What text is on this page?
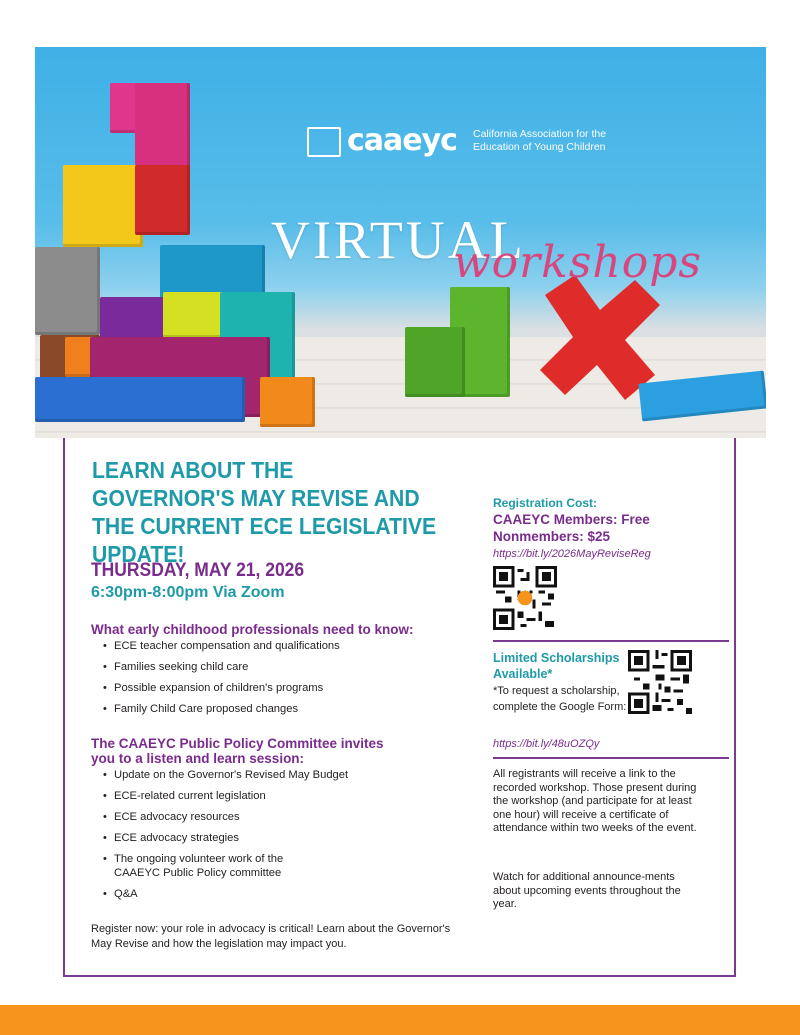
caaeyc California Association for the Education of Young Children
VIRTUAL
workshops
LEARN ABOUT THE GOVERNOR'S MAY REVISE AND THE CURRENT ECE LEGISLATIVE UPDATE!
THURSDAY, MAY 21, 2026
6:30pm-8:00pm Via Zoom
What early childhood professionals need to know:
• ECE teacher compensation and qualifications
• Families seeking child care
• Possible expansion of children's programs
• Family Child Care proposed changes
The CAAEYC Public Policy Committee invites you to a listen and learn session:
• Update on the Governor's Revised May Budget
• ECE-related current legislation
• ECE advocacy resources
• ECE advocacy strategies
• The ongoing volunteer work of the CAAEYC Public Policy committee
• Q&A
Register now: your role in advocacy is critical! Learn about the Governor's May Revise and how the legislation may impact you.
Registration Cost:
CAAEYC Members: Free
Nonmembers: $25
https://bit.ly/2026MayReviseReg
Limited Scholarships Available*
*To request a scholarship, complete the Google Form:
https://bit.ly/48uOZQy
All registrants will receive a link to the recorded workshop. Those present during the workshop (and participate for at least one hour) will receive a certificate of attendance within two weeks of the event.
Watch for additional announce-ments about upcoming events throughout the year.
